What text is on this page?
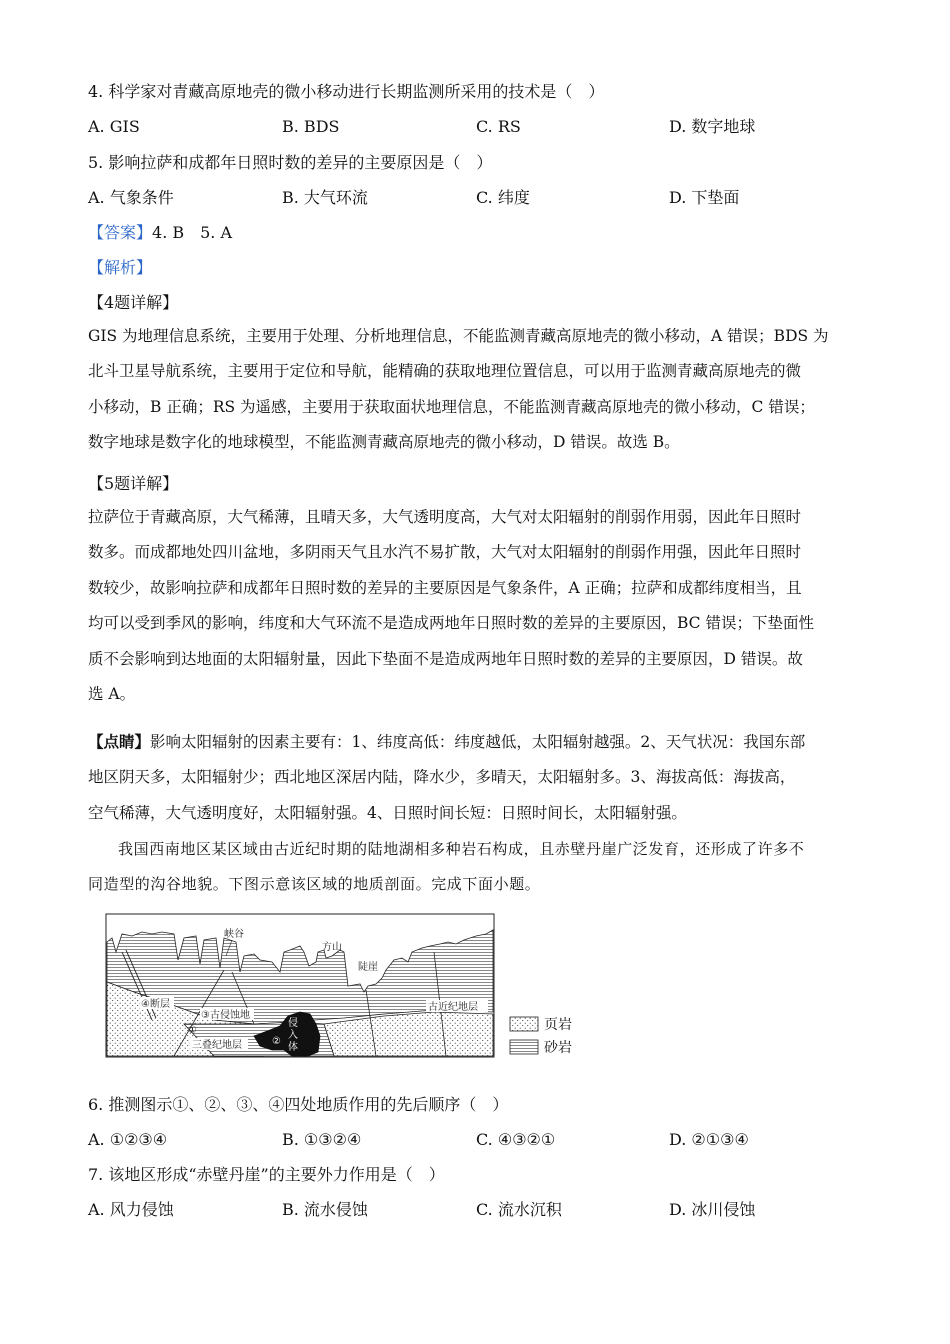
4. 科学家对青藏高原地壳的微小移动进行长期监测所采用的技术是（　）
A. GIS	B. BDS	C. RS	D. 数字地球
5. 影响拉萨和成都年日照时数的差异的主要原因是（　）
A. 气象条件	B. 大气环流	C. 纬度	D. 下垫面
【答案】4. B　5. A
【解析】
【4题详解】
GIS 为地理信息系统，主要用于处理、分析地理信息，不能监测青藏高原地壳的微小移动，A 错误；BDS 为
北斗卫星导航系统，主要用于定位和导航，能精确的获取地理位置信息，可以用于监测青藏高原地壳的微
小移动，B 正确；RS 为遥感，主要用于获取面状地理信息，不能监测青藏高原地壳的微小移动，C 错误；
数字地球是数字化的地球模型，不能监测青藏高原地壳的微小移动，D 错误。故选 B。
【5题详解】
拉萨位于青藏高原，大气稀薄，且晴天多，大气透明度高，大气对太阳辐射的削弱作用弱，因此年日照时
数多。而成都地处四川盆地，多阴雨天气且水汽不易扩散，大气对太阳辐射的削弱作用强，因此年日照时
数较少，故影响拉萨和成都年日照时数的差异的主要原因是气象条件，A 正确；拉萨和成都纬度相当，且
均可以受到季风的影响，纬度和大气环流不是造成两地年日照时数的差异的主要原因，BC 错误；下垫面性
质不会影响到达地面的太阳辐射量，因此下垫面不是造成两地年日照时数的差异的主要原因，D 错误。故
选 A。
【点睛】影响太阳辐射的因素主要有：1、纬度高低：纬度越低，太阳辐射越强。2、天气状况：我国东部
地区阴天多，太阳辐射少；西北地区深居内陆，降水少，多晴天，太阳辐射多。3、海拔高低：海拔高，
空气稀薄，大气透明度好，太阳辐射强。4、日照时间长短：日照时间长，太阳辐射强。
我国西南地区某区域由古近纪时期的陆地湖相多种岩石构成，且赤壁丹崖广泛发育，还形成了许多不
同造型的沟谷地貌。下图示意该区域的地质剖面。完成下面小题。
峡谷
方山
陡崖
④断层
③古侵蚀地
①
三叠纪地层
侵
入
体
②
古近纪地层
页岩
砂岩
6. 推测图示①、②、③、④四处地质作用的先后顺序（　）
A. ①②③④	B. ①③②④	C. ④③②①	D. ②①③④
7. 该地区形成“赤壁丹崖”的主要外力作用是（　）
A. 风力侵蚀	B. 流水侵蚀	C. 流水沉积	D. 冰川侵蚀
